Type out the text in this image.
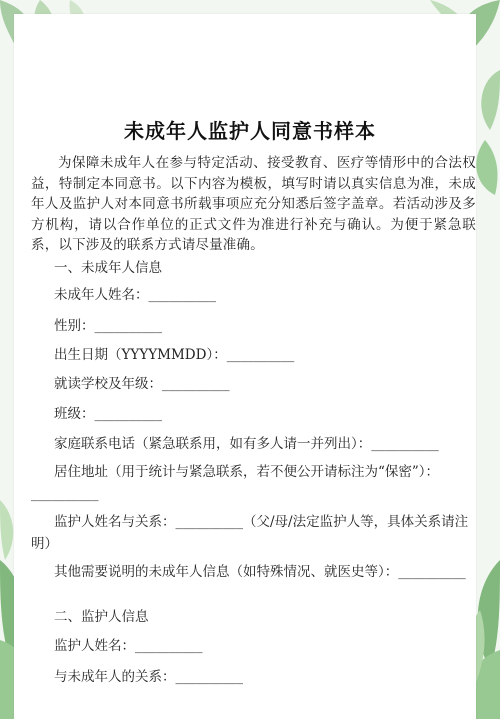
未成年人监护人同意书样本
为保障未成年人在参与特定活动、接受教育、医疗等情形中的合法权益，特制定本同意书。以下内容为模板，填写时请以真实信息为准，未成年人及监护人对本同意书所载事项应充分知悉后签字盖章。若活动涉及多方机构，请以合作单位的正式文件为准进行补充与确认。为便于紧急联系，以下涉及的联系方式请尽量准确。
一、未成年人信息
未成年人姓名：__________
性别：__________
出生日期（YYYYMMDD）：__________
就读学校及年级：__________
班级：__________
家庭联系电话（紧急联系用，如有多人请一并列出）：__________
居住地址（用于统计与紧急联系，若不便公开请标注为“保密”）：__________
监护人姓名与关系：__________（父/母/法定监护人等，具体关系请注明）
其他需要说明的未成年人信息（如特殊情况、就医史等）：__________
二、监护人信息
监护人姓名：__________
与未成年人的关系：__________
